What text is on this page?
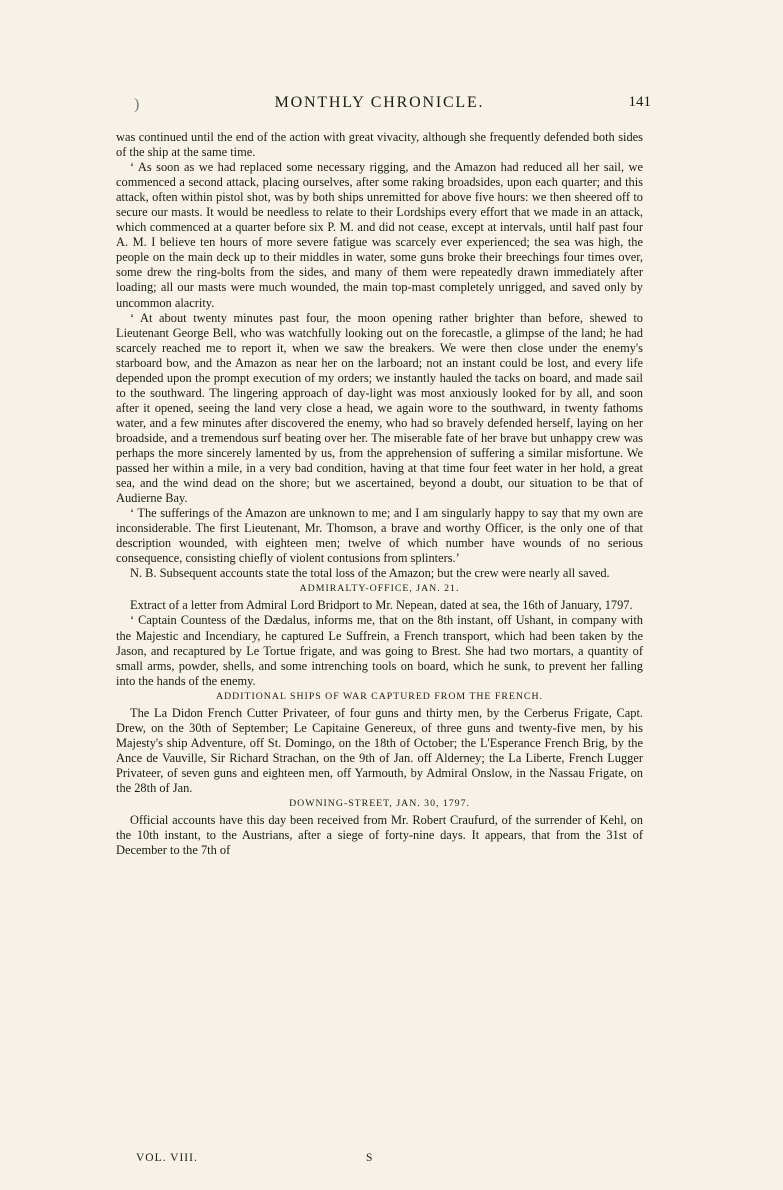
)	MONTHLY CHRONICLE.	141

was continued until the end of the action with great vivacity, although she frequently defended both sides of the ship at the same time.

‘ As soon as we had replaced some necessary rigging, and the Amazon had reduced all her sail, we commenced a second attack, placing ourselves, after some raking broadsides, upon each quarter; and this attack, often within pistol shot, was by both ships unremitted for above five hours: we then sheered off to secure our masts. It would be needless to relate to their Lordships every effort that we made in an attack, which commenced at a quarter before six P. M. and did not cease, except at intervals, until half past four A. M. I believe ten hours of more severe fatigue was scarcely ever experienced; the sea was high, the people on the main deck up to their middles in water, some guns broke their breechings four times over, some drew the ring-bolts from the sides, and many of them were repeatedly drawn immediately after loading; all our masts were much wounded, the main top-mast completely unrigged, and saved only by uncommon alacrity.

‘ At about twenty minutes past four, the moon opening rather brighter than before, shewed to Lieutenant George Bell, who was watchfully looking out on the forecastle, a glimpse of the land; he had scarcely reached me to report it, when we saw the breakers. We were then close under the enemy's starboard bow, and the Amazon as near her on the larboard; not an instant could be lost, and every life depended upon the prompt execution of my orders; we instantly hauled the tacks on board, and made sail to the southward. The lingering approach of day-light was most anxiously looked for by all, and soon after it opened, seeing the land very close a head, we again wore to the southward, in twenty fathoms water, and a few minutes after discovered the enemy, who had so bravely defended herself, laying on her broadside, and a tremendous surf beating over her. The miserable fate of her brave but unhappy crew was perhaps the more sincerely lamented by us, from the apprehension of suffering a similar misfortune. We passed her within a mile, in a very bad condition, having at that time four feet water in her hold, a great sea, and the wind dead on the shore; but we ascertained, beyond a doubt, our situation to be that of Audierne Bay.

‘ The sufferings of the Amazon are unknown to me; and I am singularly happy to say that my own are inconsiderable. The first Lieutenant, Mr. Thomson, a brave and worthy Officer, is the only one of that description wounded, with eighteen men; twelve of which number have wounds of no serious consequence, consisting chiefly of violent contusions from splinters.’

N. B. Subsequent accounts state the total loss of the Amazon; but the crew were nearly all saved.

ADMIRALTY-OFFICE, JAN. 21.

Extract of a letter from Admiral Lord Bridport to Mr. Nepean, dated at sea, the 16th of January, 1797.

‘ Captain Countess of the Dædalus, informs me, that on the 8th instant, off Ushant, in company with the Majestic and Incendiary, he captured Le Suffrein, a French transport, which had been taken by the Jason, and recaptured by Le Tortue frigate, and was going to Brest. She had two mortars, a quantity of small arms, powder, shells, and some intrenching tools on board, which he sunk, to prevent her falling into the hands of the enemy.

ADDITIONAL SHIPS OF WAR CAPTURED FROM THE FRENCH.

The La Didon French Cutter Privateer, of four guns and thirty men, by the Cerberus Frigate, Capt. Drew, on the 30th of September; Le Capitaine Genereux, of three guns and twenty-five men, by his Majesty's ship Adventure, off St. Domingo, on the 18th of October; the L'Esperance French Brig, by the Ance de Vauville, Sir Richard Strachan, on the 9th of Jan. off Alderney; the La Liberte, French Lugger Privateer, of seven guns and eighteen men, off Yarmouth, by Admiral Onslow, in the Nassau Frigate, on the 28th of Jan.

DOWNING-STREET, JAN. 30, 1797.

Official accounts have this day been received from Mr. Robert Craufurd, of the surrender of Kehl, on the 10th instant, to the Austrians, after a siege of forty-nine days. It appears, that from the 31st of December to the 7th of

VOL. VIII.	S
